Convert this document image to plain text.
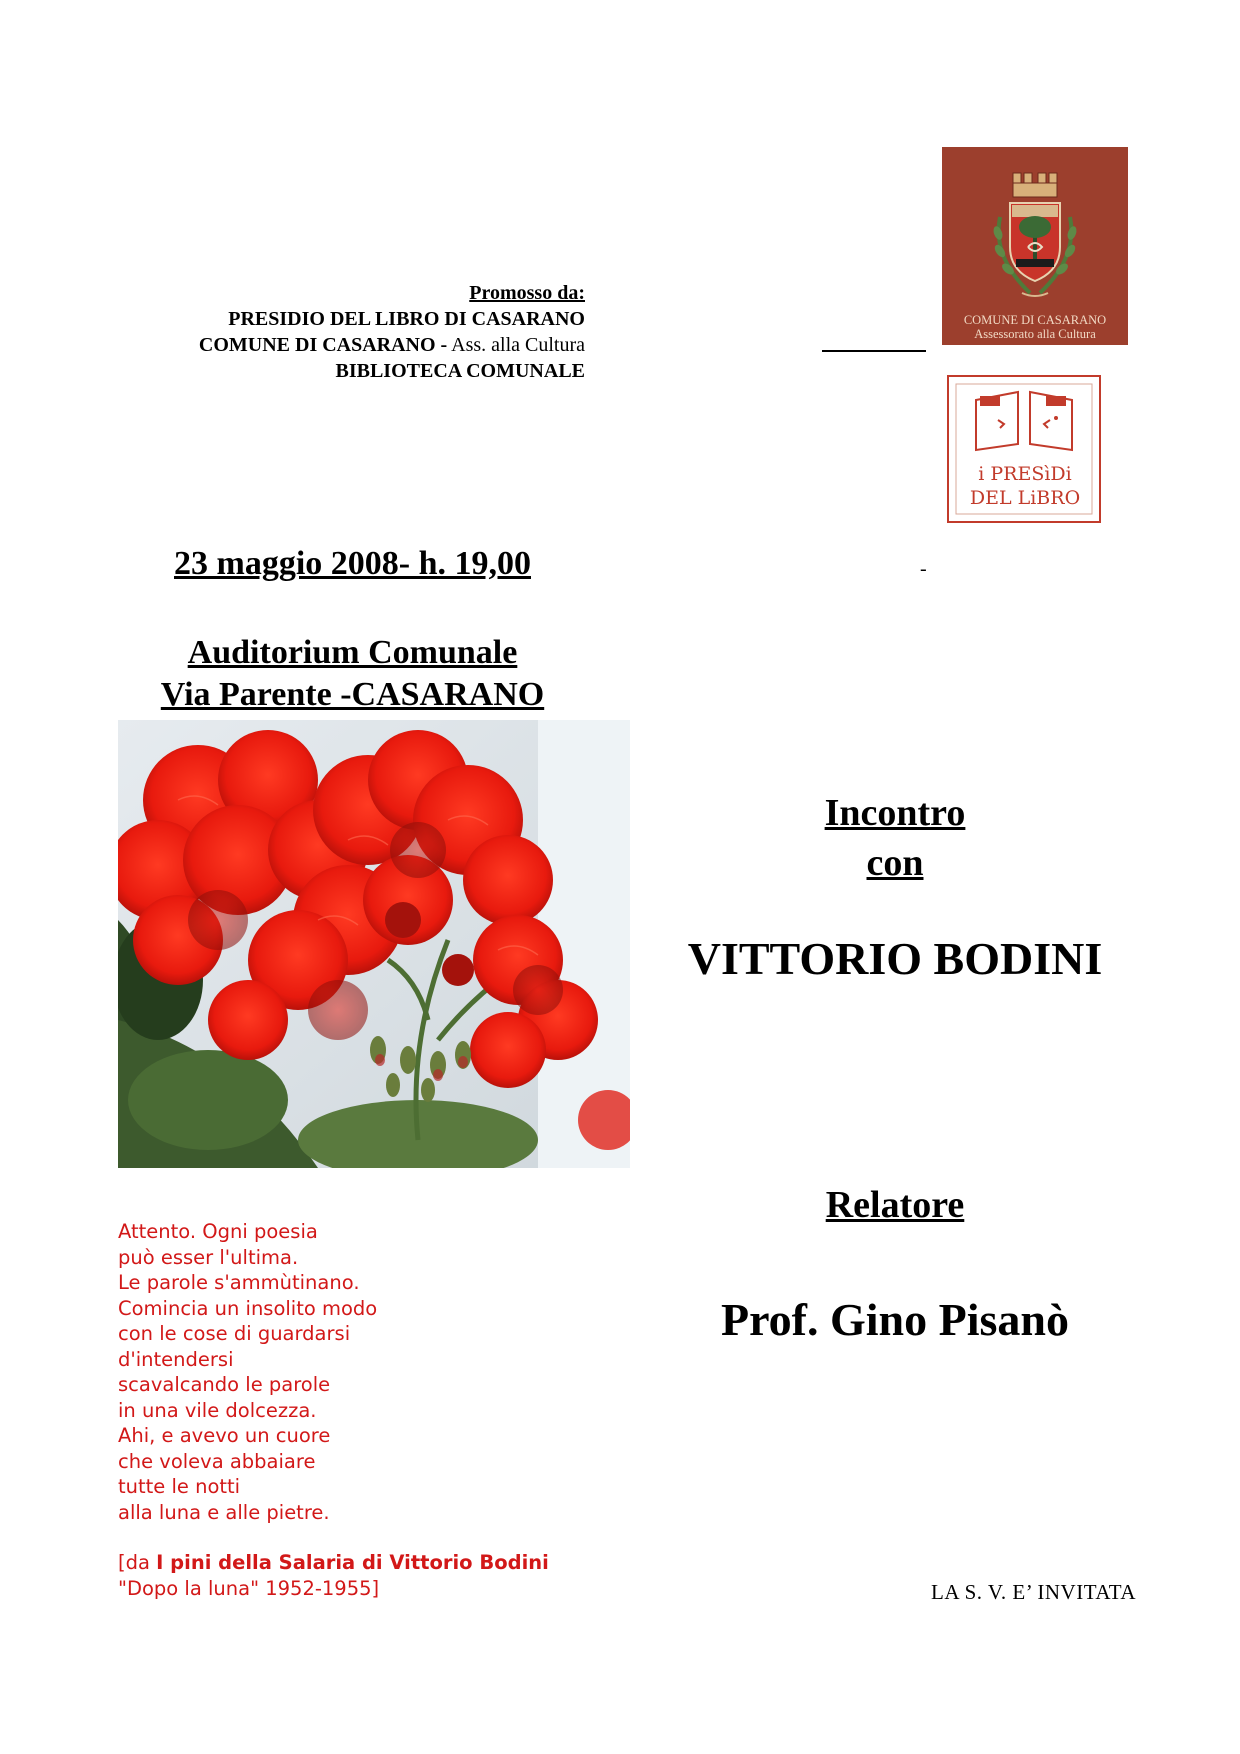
Promosso da:
PRESIDIO DEL LIBRO DI CASARANO
COMUNE DI CASARANO - Ass. alla Cultura
BIBLIOTECA COMUNALE
COMUNE DI CASARANO
Assessorato alla Cultura
i PRESìDi
DEL LiBRO
23 maggio 2008- h. 19,00	-
Auditorium Comunale
Via Parente -CASARANO
Attento. Ogni poesia
può esser l'ultima.
Le parole s'ammùtinano.
Comincia un insolito modo
con le cose di guardarsi
d'intendersi
scavalcando le parole
in una vile dolcezza.
Ahi, e avevo un cuore
che voleva abbaiare
tutte le notti
alla luna e alle pietre.
[da I pini della Salaria di Vittorio Bodini
"Dopo la luna" 1952-1955]
Incontro
con
VITTORIO BODINI
Relatore
Prof. Gino Pisanò
LA S. V. E’ INVITATA
